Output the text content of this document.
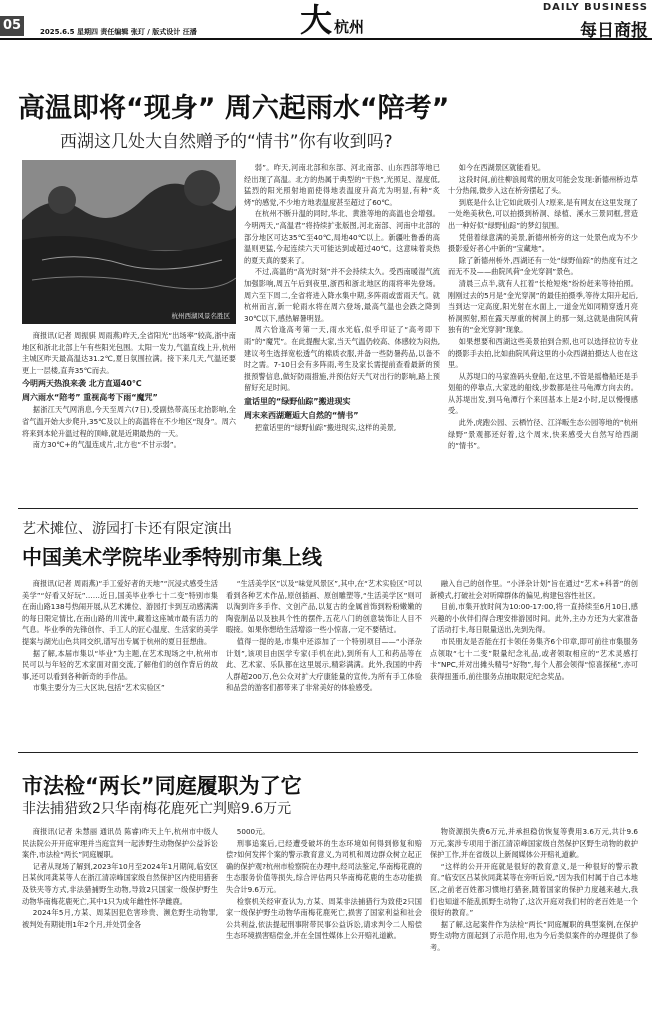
05	2025.6.5 星期四 责任编辑 张玎 / 版式设计 汪潘	大 杭州
DAILY BUSINESS
每日商报
高温即将“现身” 周六起雨水“陪考”
西湖这几处大自然赠予的“情书”你有收到吗?
杭州西湖风景名胜区

商报讯(记者 周振骐 周雨燕)昨天,全省阳光“出场率”较高,浙中南地区和浙北北部上午有些阳光包围。太阳一发力,气温直线上升,杭州主城区昨天最高温达31.2℃,夏日氛围拉满。接下来几天,气温还要更上一层楼,直奔35℃而去。

今明两天热浪来袭 北方直逼40℃
周六雨水“陪考” 重视高考下雨“魔咒”

据浙江天气网消息,今天至周六(7日),受副热带高压北抬影响,全省气温开始大步爬升,35℃及以上的高温将在不少地区“现身”。周六将来到本轮升温过程的顶峰,就是近期最热的一天。

南方30℃+的气温连成片,北方也“不甘示弱”。

弱”。昨天,河南北部和东部、河北南部、山东西部等地已经出现了高温。北方的热属于典型的“干热”,光照足、湿度低,猛烈的阳光照射地面使得地表温度升高尤为明显,有种“炙烤”的感觉,不少地方地表温度甚至超过了60℃。

在杭州不断升温的同时,华北、黄淮等地的高温也会增强。今明两天,“高温君”将持续扩张版图,河北南部、河南中北部的部分地区可达35℃至40℃,局地40℃以上。新疆吐鲁番的高温则更猛,今起连续六天可能达到或超过40℃。这意味着炎热的夏天真的要来了。

不过,高温的“高光时刻”并不会持续太久。受西南暖湿气流加强影响,周五午后到夜里,浙西和浙北地区的雨将率先登场。周六至下周二,全省将进入降水集中期,多阵雨或雷雨天气。就杭州而言,新一轮雨水将在周六登场,最高气温也会跌之降到30℃以下,感热解暑明显。

周六恰逢高考第一天,雨水光临,似乎印证了“高考即下雨”的“魔咒”。在此提醒大家,当天气温仍较高、体感较为闷热,建议考生选择宽松透气的棉质衣服,并备一些防暑药品,以备不时之需。7-10日会有多阵雨,考生及家长需提前查看最新的预报预警信息,做好防雨措施,并预估好天气对出行的影响,路上预留好充足时间。

童话里的“绿野仙踪”搬进现实
周末来西湖邂逅大自然的“情书”

把童话里的“绿野仙踪”搬进现实,这样的美景,

如今在西湖景区就能看见。

这段时间,前往柳浪闻莺的朋友可能会发现:新德州桥边草十分热闹,微步入这在桥旁摆起了头。

到底是什么让它如此吸引人?原来,是有网友在这里发现了一处绝美秋色,可以拍摄到桥洞、绿植、溪水三景同框,营造出一种好似“绿野仙踪”的梦幻氛围。

凭借着绿意满的美景,新德州桥旁的这一处景色成为不少摄影爱好者心中新的“宝藏地”。

除了新德州桥外,西湖还有一处“绿野仙踪”的热度有过之而无不及——曲院风荷“金光穿洞”景色。

清晨三点半,就有人扛着“长枪短炮”纷纷赶来等待拍照。刚刚过去的5月是“金光穿洞”的最佳拍摄季,等待太阳升起后,当到达一定高度,阳光射在水面上,一道金光如同精穿透月亮桥洞照射,照在露天厚重的树洞上的那一刻,这就是曲院风荷独有的“金光穿洞”现象。

如果想要和西湖这些美景拍到合照,也可以选择拉访专业的摄影手去拍,比如曲院风荷这里的小众西湖拍摄达人也在这里。

从苏堤口的马家渔码头登船,在这里,不管是摇橹船还是手划船的停靠点,大家选的船线,步数都是往马龟潭方向去的。从苏堤出发,到马龟潭行个来回基本上是2小时,足以慢慢感受。

此外,虎跑公园、云栖竹径、江洋畈生态公园等地的“杭州绿野”景观都还好着,这个周末,快来感受大自然写给西湖的“情书”。

艺术摊位、游园打卡还有限定演出
中国美术学院毕业季特别市集上线

商报讯(记者 周雨燕)“手工爱好者的天地”“沉浸式感受生活美学”“好看又好玩”……近日,国美毕业季七十二变”特别市集在南山路138号热闹开展,从艺术摊位、游园打卡到互动感满满的每日限定情比,在南山路的川流中,藏着这座城市最有活力的气息。毕业季的先锋创作、手工人的匠心温度、生活家的美学提案与湖光山色共同交织,谱写出专属于杭州的夏日狂想曲。

据了解,本届市集以“毕业”为主题,在艺术现场之中,杭州市民可以与年轻的艺术家面对面交流,了解他们的创作背后的故事,还可以看到各种新奇的手作品。

市集主要分为三大区块,包括“艺术实验区”

“生活美学区”以及“味觉风景区”,其中,在“艺术实验区”可以看到各种艺术作品,原创插画、原创雕塑等,“生活美学区”则可以淘到许多手作、文创产品,以复古的金属首饰到粉粉嫩嫩的陶瓷制品以及独具个性的摆件,五花八门的创意装饰让人目不暇接。如果你想给生活增添一些小惊喜,一定不要错过。

值得一提的是,市集中还添加了一个特别项目——“小泽杂计划”,该项目由医学专家(手机在此),到所有人工和药品等在此、艺术家、乐队都在这里展示,精彩满满。此外,我国的中药人群超200万,色公众对扩大疗康能量的宣传,为所有手工体验和品尝的游客们都带来了非常美好的体验感受。

融入自己的创作里。“小泽杂计划”旨在通过“艺术+科普”的创新模式,打破社会对听障群体的偏见,构建包容性社区。

目前,市集开放时间为10:00-17:00,将一直持续至6月10日,感兴趣的小伙伴们得合理安排游园时间。此外,主办方还为大家准备了活动打卡,每日限量送出,先到先得。

市民朋友是否能在打卡领任务集齐6个印章,即可前往市集服务点领取“七十二变”限量纪念礼品,或者领取相应的“艺术灵感打卡”NPC,并对出摊头精号“好物”,每个人都会领得“惊喜探秘”,亦可获得扭蛋币,前往服务点抽取限定纪念奖品。

市法检“两长”同庭履职为了它
非法捕猎致2只华南梅花鹿死亡判赔9.6万元

商报讯(记者 朱慧丽 通讯员 陈睿)昨天上午,杭州市中级人民法院公开开庭审理并当庭宣判一起涉野生动物保护公益诉讼案件,市法检“两长”同庭履职。

记者从现场了解到,2023年10月至2024年1月期间,临安区吕某伙同龚某等人在浙江清凉峰国家级自然保护区内使用猎套及铁夹等方式,非法猎捕野生动物,导致2只国家一级保护野生动物华南梅花鹿死亡,其中1只为成年雌性怀孕雌鹿。

2024年5月,方某、周某因犯危害珍贵、濒危野生动物罪,被判处有期徒刑1年2个月,并处罚金各

5000元。

刑事追案后,已经遭受破坏的生态环境如何得到修复和赔偿?如何发挥个案的警示教育意义,为司机和周边群众树立起正确的保护观?杭州市检察院在办理中,经司法鉴定,华南梅花鹿的生态服务价值等损失,综合评估两只华南梅花鹿的生态功能损失合计9.6万元。

检察机关经审查认为,方某、周某非法捕猎行为致使2只国家一级保护野生动物华南梅花鹿死亡,损害了国家利益和社会公共利益,依法提起刑事附带民事公益诉讼,请求判令二人赔偿生态环境损害赔偿金,并在全国性媒体上公开赔礼道歉。

物资源损失费6万元,并承担稳仿恢复等费用3.6万元,共计9.6万元,案涉专项用于浙江清凉峰国家级自然保护区野生动物的救护保护工作,并在省级以上新闻媒体公开赔礼道歉。

“这样的公开开庭就是很好的教育意义,是一种很好的警示教育。”临安区吕某伙同龚某等在旁听后说,“因为我们村属于自己本地区,之前老百姓都习惯地打猎套,随着国家的保护力度越来越大,我们也知道不能乱抓野生动物了,这次开庭对我们村的老百姓是一个很好的教育。”

据了解,这起案件作为法检“两长”同庭履职的典型案例,在保护野生动物方面起到了示范作用,也为今后类似案件的办理提供了参考。
